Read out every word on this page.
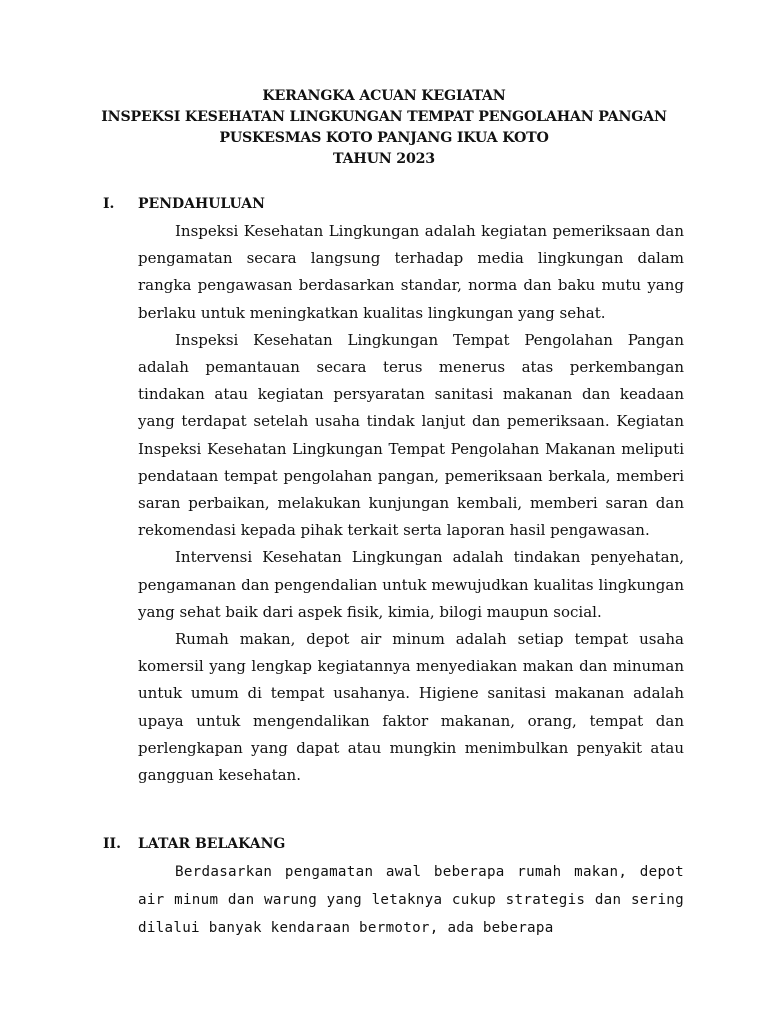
KERANGKA ACUAN KEGIATAN

INSPEKSI KESEHATAN LINGKUNGAN TEMPAT PENGOLAHAN PANGAN

PUSKESMAS KOTO PANJANG IKUA KOTO

TAHUN 2023

I. PENDAHULUAN

Inspeksi Kesehatan Lingkungan adalah kegiatan pemeriksaan dan pengamatan secara langsung terhadap media lingkungan dalam rangka pengawasan berdasarkan standar, norma dan baku mutu yang berlaku untuk meningkatkan kualitas lingkungan yang sehat.

Inspeksi Kesehatan Lingkungan Tempat Pengolahan Pangan adalah pemantauan secara terus menerus atas perkembangan tindakan atau kegiatan persyaratan sanitasi makanan dan keadaan yang terdapat setelah usaha tindak lanjut dan pemeriksaan. Kegiatan Inspeksi Kesehatan Lingkungan Tempat Pengolahan Makanan meliputi pendataan tempat pengolahan pangan, pemeriksaan berkala, memberi saran perbaikan, melakukan kunjungan kembali, memberi saran dan rekomendasi kepada pihak terkait serta laporan hasil pengawasan.

Intervensi Kesehatan Lingkungan adalah tindakan penyehatan, pengamanan dan pengendalian untuk mewujudkan kualitas lingkungan yang sehat baik dari aspek fisik, kimia, bilogi maupun social.

Rumah makan, depot air minum adalah setiap tempat usaha komersil yang lengkap kegiatannya menyediakan makan dan minuman untuk umum di tempat usahanya. Higiene sanitasi makanan adalah upaya untuk mengendalikan faktor makanan, orang, tempat dan perlengkapan yang dapat atau mungkin menimbulkan penyakit atau gangguan kesehatan.

II. LATAR BELAKANG

Berdasarkan pengamatan awal beberapa rumah makan, depot air minum dan warung yang letaknya cukup strategis dan sering dilalui banyak kendaraan bermotor, ada beberapa
